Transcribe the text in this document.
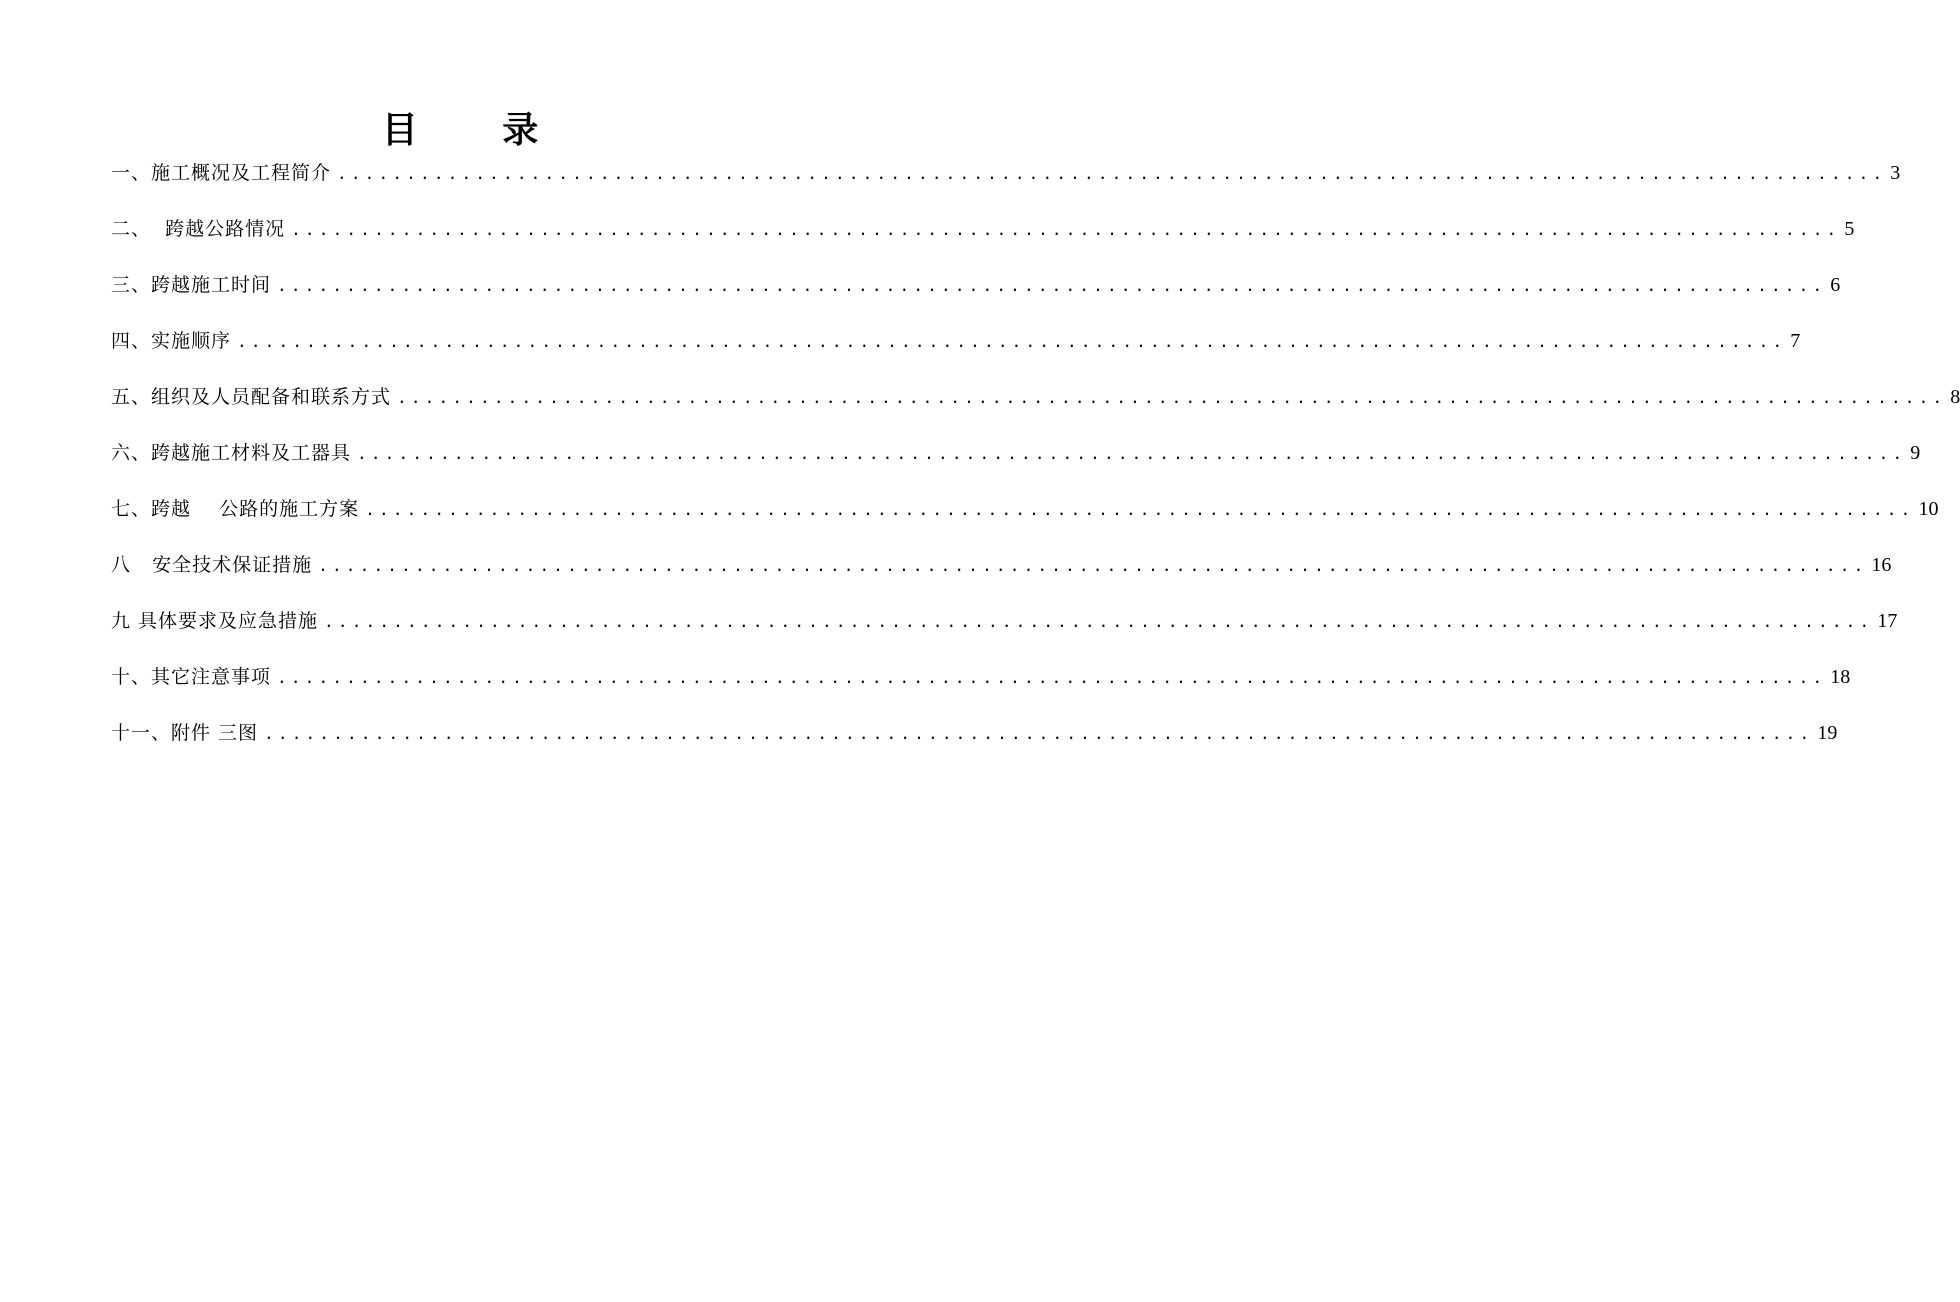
目 录
一、施工概况及工程简介 ................................................................................................................ 3
二、  跨越公路情况 ................................................................................................................ 5
三、跨越施工时间 ................................................................................................................ 6
四、实施顺序 ................................................................................................................ 7
五、组织及人员配备和联系方式 ................................................................................................................ 8
六、跨越施工材料及工器具 ................................................................................................................ 9
七、跨越    公路的施工方案 ................................................................................................................ 10
八   安全技术保证措施 ................................................................................................................ 16
九 具体要求及应急措施 ................................................................................................................ 17
十、其它注意事项 ................................................................................................................ 18
十一、附件 三图 ................................................................................................................ 19
